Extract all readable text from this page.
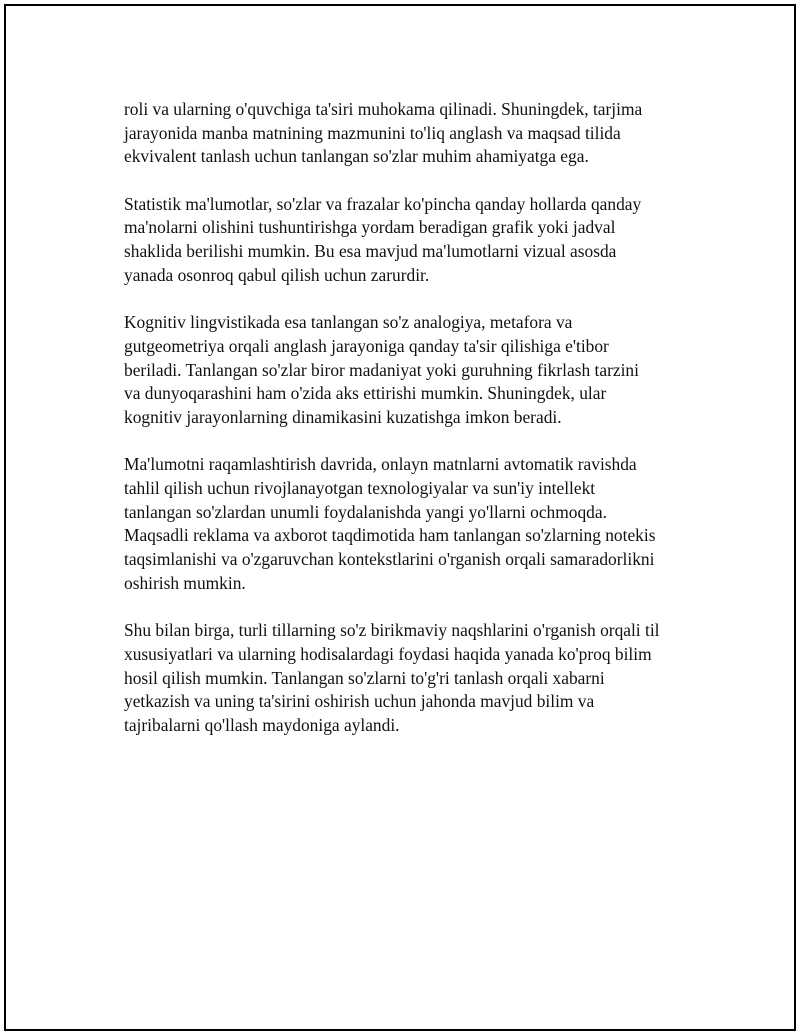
roli va ularning o'quvchiga ta'siri muhokama qilinadi. Shuningdek, tarjima
jarayonida manba matnining mazmunini to'liq anglash va maqsad tilida
ekvivalent tanlash uchun tanlangan so'zlar muhim ahamiyatga ega.

Statistik ma'lumotlar, so'zlar va frazalar ko'pincha qanday hollarda qanday
ma'nolarni olishini tushuntirishga yordam beradigan grafik yoki jadval
shaklida berilishi mumkin. Bu esa mavjud ma'lumotlarni vizual asosda
yanada osonroq qabul qilish uchun zarurdir.

Kognitiv lingvistikada esa tanlangan so'z analogiya, metafora va
gutgeometriya orqali anglash jarayoniga qanday ta'sir qilishiga e'tibor
beriladi. Tanlangan so'zlar biror madaniyat yoki guruhning fikrlash tarzini
va dunyoqarashini ham o'zida aks ettirishi mumkin. Shuningdek, ular
kognitiv jarayonlarning dinamikasini kuzatishga imkon beradi.

Ma'lumotni raqamlashtirish davrida, onlayn matnlarni avtomatik ravishda
tahlil qilish uchun rivojlanayotgan texnologiyalar va sun'iy intellekt
tanlangan so'zlardan unumli foydalanishda yangi yo'llarni ochmoqda.
Maqsadli reklama va axborot taqdimotida ham tanlangan so'zlarning notekis
taqsimlanishi va o'zgaruvchan kontekstlarini o'rganish orqali samaradorlikni
oshirish mumkin.

Shu bilan birga, turli tillarning so'z birikmaviy naqshlarini o'rganish orqali til
xususiyatlari va ularning hodisalardagi foydasi haqida yanada ko'proq bilim
hosil qilish mumkin. Tanlangan so'zlarni to'g'ri tanlash orqali xabarni
yetkazish va uning ta'sirini oshirish uchun jahonda mavjud bilim va
tajribalarni qo'llash maydoniga aylandi.
